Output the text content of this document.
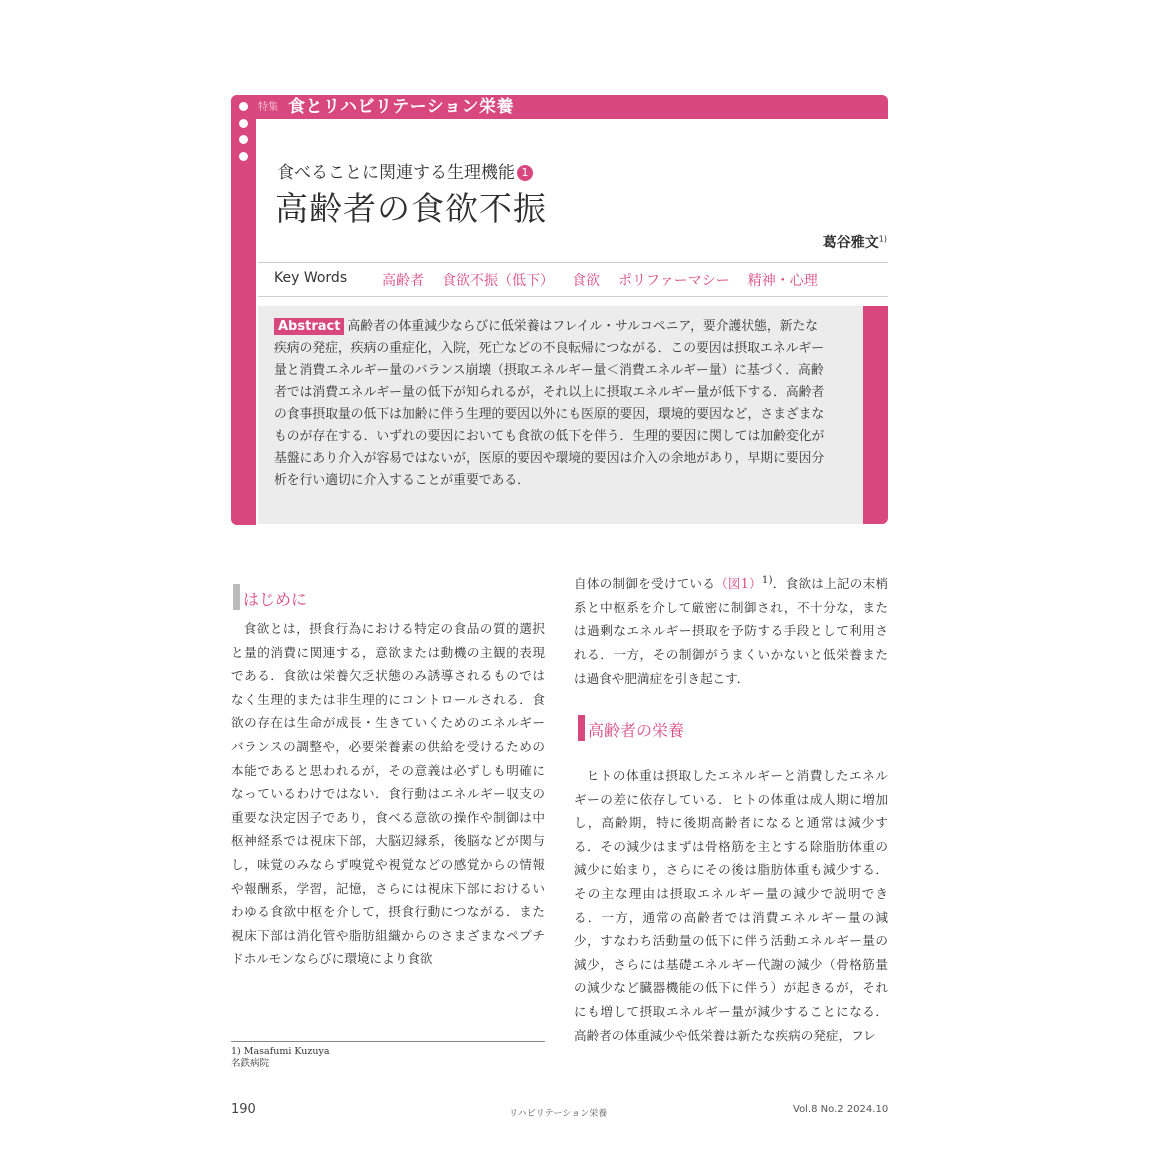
特集 食とリハビリテーション栄養
食べることに関連する生理機能 1
高齢者の食欲不振
葛谷雅文$^{1)}$
Key Words 高齢者 食欲不振（低下） 食欲 ポリファーマシー 精神・心理
Abstract 高齢者の体重減少ならびに低栄養はフレイル・サルコペニア，要介護状態，新たな疾病の発症，疾病の重症化，入院，死亡などの不良転帰につながる．この要因は摂取エネルギー量と消費エネルギー量のバランス崩壊（摂取エネルギー量＜消費エネルギー量）に基づく．高齢者では消費エネルギー量の低下が知られるが，それ以上に摂取エネルギー量が低下する．高齢者の食事摂取量の低下は加齢に伴う生理的要因以外にも医原的要因，環境的要因など，さまざまなものが存在する．いずれの要因においても食欲の低下を伴う．生理的要因に関しては加齢変化が基盤にあり介入が容易ではないが，医原的要因や環境的要因は介入の余地があり，早期に要因分析を行い適切に介入することが重要である．
はじめに
高齢者の栄養

食欲とは，摂食行為における特定の食品の質的選択と量的消費に関連する，意欲または動機の主観的表現である．食欲は栄養欠乏状態のみ誘導されるものではなく生理的または非生理的にコントロールされる．食欲の存在は生命が成長・生きていくためのエネルギーバランスの調整や，必要栄養素の供給を受けるための本能であると思われるが，その意義は必ずしも明確になっているわけではない．食行動はエネルギー収支の重要な決定因子であり，食べる意欲の操作や制御は中枢神経系では視床下部，大脳辺縁系，後脳などが関与し，味覚のみならず嗅覚や視覚などの感覚からの情報や報酬系，学習，記憶，さらには視床下部におけるいわゆる食欲中枢を介して，摂食行動につながる．また視床下部は消化管や脂肪組織からのさまざまなペプチドホルモンならびに環境により食欲

自体の制御を受けている（図1）$^{1)}$．食欲は上記の末梢系と中枢系を介して厳密に制御され，不十分な，または過剰なエネルギー摂取を予防する手段として利用される．一方，その制御がうまくいかないと低栄養または過食や肥満症を引き起こす．

ヒトの体重は摂取したエネルギーと消費したエネルギーの差に依存している．ヒトの体重は成人期に増加し，高齢期，特に後期高齢者になると通常は減少する．その減少はまずは骨格筋を主とする除脂肪体重の減少に始まり，さらにその後は脂肪体重も減少する．その主な理由は摂取エネルギー量の減少で説明できる．一方，通常の高齢者では消費エネルギー量の減少，すなわち活動量の低下に伴う活動エネルギー量の減少，さらには基礎エネルギー代謝の減少（骨格筋量の減少など臓器機能の低下に伴う）が起きるが，それにも増して摂取エネルギー量が減少することになる．高齢者の体重減少や低栄養は新たな疾病の発症，フレ

1) Masafumi Kuzuya
名鉄病院
190	リハビリテーション栄養	Vol.8 No.2 2024.10
